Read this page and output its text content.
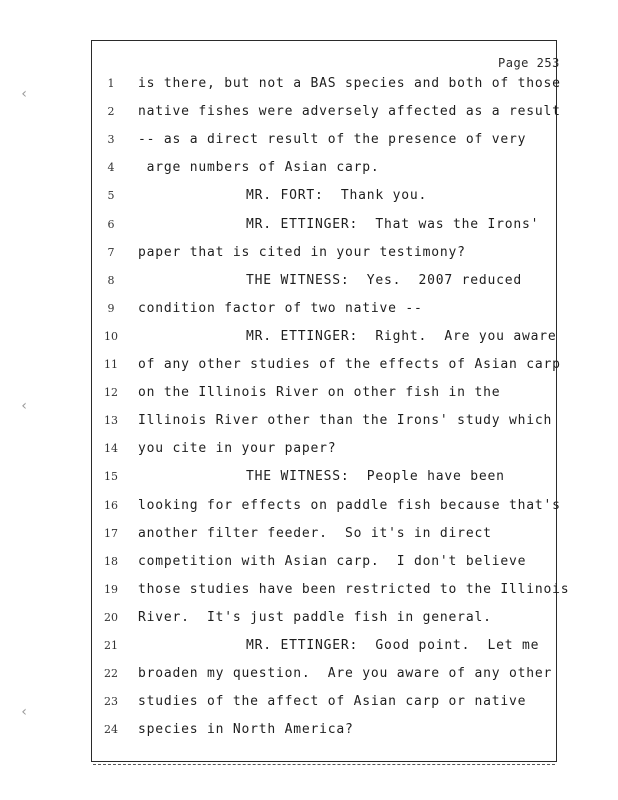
‹
‹
‹
Page 253
1	is there, but not a BAS species and both of those
2	native fishes were adversely affected as a result
3	-- as a direct result of the presence of very
4	arge numbers of Asian carp.
5	MR. FORT:  Thank you.
6	MR. ETTINGER:  That was the Irons'
7	paper that is cited in your testimony?
8	THE WITNESS:  Yes.  2007 reduced
9	condition factor of two native --
10	MR. ETTINGER:  Right.  Are you aware
11	of any other studies of the effects of Asian carp
12	on the Illinois River on other fish in the
13	Illinois River other than the Irons' study which
14	you cite in your paper?
15	THE WITNESS:  People have been
16	looking for effects on paddle fish because that's
17	another filter feeder.  So it's in direct
18	competition with Asian carp.  I don't believe
19	those studies have been restricted to the Illinois
20	River.  It's just paddle fish in general.
21	MR. ETTINGER:  Good point.  Let me
22	broaden my question.  Are you aware of any other
23	studies of the affect of Asian carp or native
24	species in North America?
